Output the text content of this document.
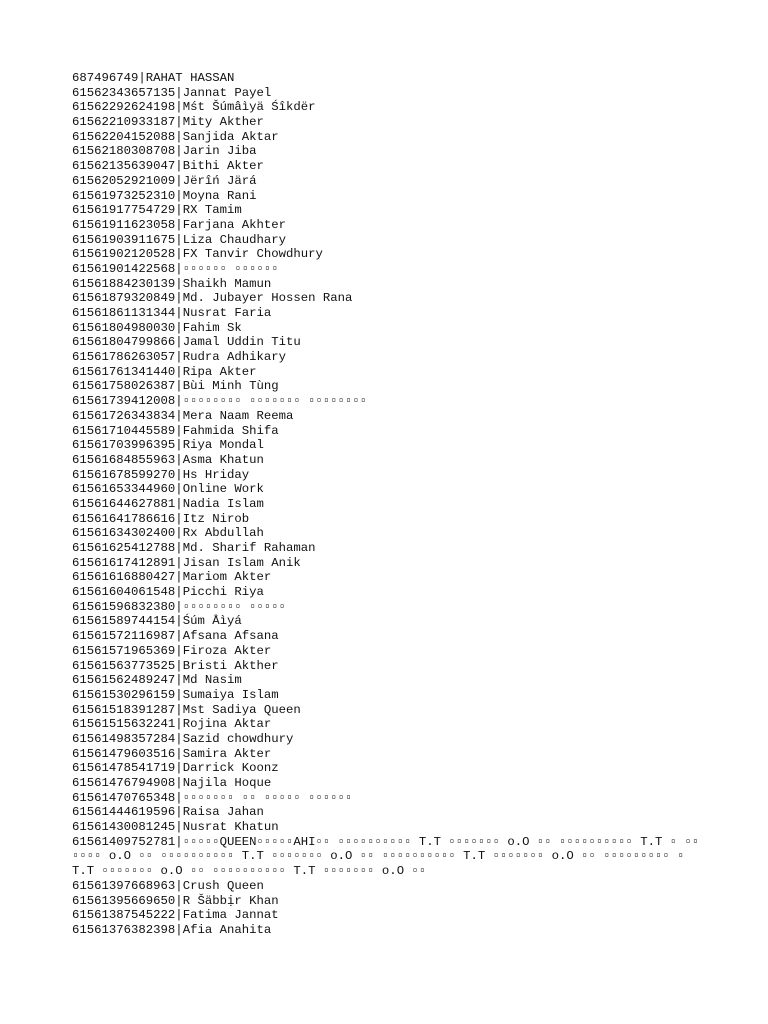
687496749|RAHAT HASSAN
61562343657135|Jannat Payel
61562292624198|Mśt Šúmâìyä Śîkdër
61562210933187|Mity Akther
61562204152088|Sanjida Aktar
61562180308708|Jarin Jiba
61562135639047|Bithi Akter
61562052921009|Jërîń Järá
61561973252310|Moyna Rani
61561917754729|RX Tamim
61561911623058|Farjana Akhter
61561903911675|Liza Chaudhary
61561902120528|FX Tanvir Chowdhury
61561901422568|▫▫▫▫▫▫ ▫▫▫▫▫▫
61561884230139|Shaikh Mamun
61561879320849|Md. Jubayer Hossen Rana
61561861131344|Nusrat Faria
61561804980030|Fahim Sk
61561804799866|Jamal Uddin Titu
61561786263057|Rudra Adhikary
61561761341440|Ripa Akter
61561758026387|Bùi Minh Tùng
61561739412008|▫▫▫▫▫▫▫▫ ▫▫▫▫▫▫▫ ▫▫▫▫▫▫▫▫
61561726343834|Mera Naam Reema
61561710445589|Fahmida Shifa
61561703996395|Riya Mondal
61561684855963|Asma Khatun
61561678599270|Hs Hriday
61561653344960|Online Work
61561644627881|Nadia Islam
61561641786616|Itz Nirob
61561634302400|Rx Abdullah
61561625412788|Md. Sharif Rahaman
61561617412891|Jisan Islam Anik
61561616880427|Mariom Akter
61561604061548|Picchi Riya
61561596832380|▫▫▫▫▫▫▫▫ ▫▫▫▫▫
61561589744154|Śúm Åìyá
61561572116987|Afsana Afsana
61561571965369|Firoza Akter
61561563773525|Bristi Akther
61561562489247|Md Nasim
61561530296159|Sumaiya Islam
61561518391287|Mst Sadiya Queen
61561515632241|Rojina Aktar
61561498357284|Sazid chowdhury
61561479603516|Samira Akter
61561478541719|Darrick Koonz
61561476794908|Najila Hoque
61561470765348|▫▫▫▫▫▫▫ ▫▫ ▫▫▫▫▫ ▫▫▫▫▫▫
61561444619596|Raisa Jahan
61561430081245|Nusrat Khatun
61561409752781|▫▫▫▫▫QUEEN▫▫▫▫▫AHI▫▫ ▫▫▫▫▫▫▫▫▫▫ T.T ▫▫▫▫▫▫▫ o.O ▫▫ ▫▫▫▫▫▫▫▫▫▫ T.T ▫ ▫▫▫▫▫▫ o.O ▫▫ ▫▫▫▫▫▫▫▫▫▫ T.T ▫▫▫▫▫▫▫ o.O ▫▫ ▫▫▫▫▫▫▫▫▫▫ T.T ▫▫▫▫▫▫▫ o.O ▫▫ ▫▫▫▫▫▫▫▫▫ ▫ T.T ▫▫▫▫▫▫▫ o.O ▫▫ ▫▫▫▫▫▫▫▫▫▫ T.T ▫▫▫▫▫▫▫ o.O ▫▫
61561397668963|Crush Queen
61561395669650|R Šäbbịr Khan
61561387545222|Fatima Jannat
61561376382398|Afia Anahita
